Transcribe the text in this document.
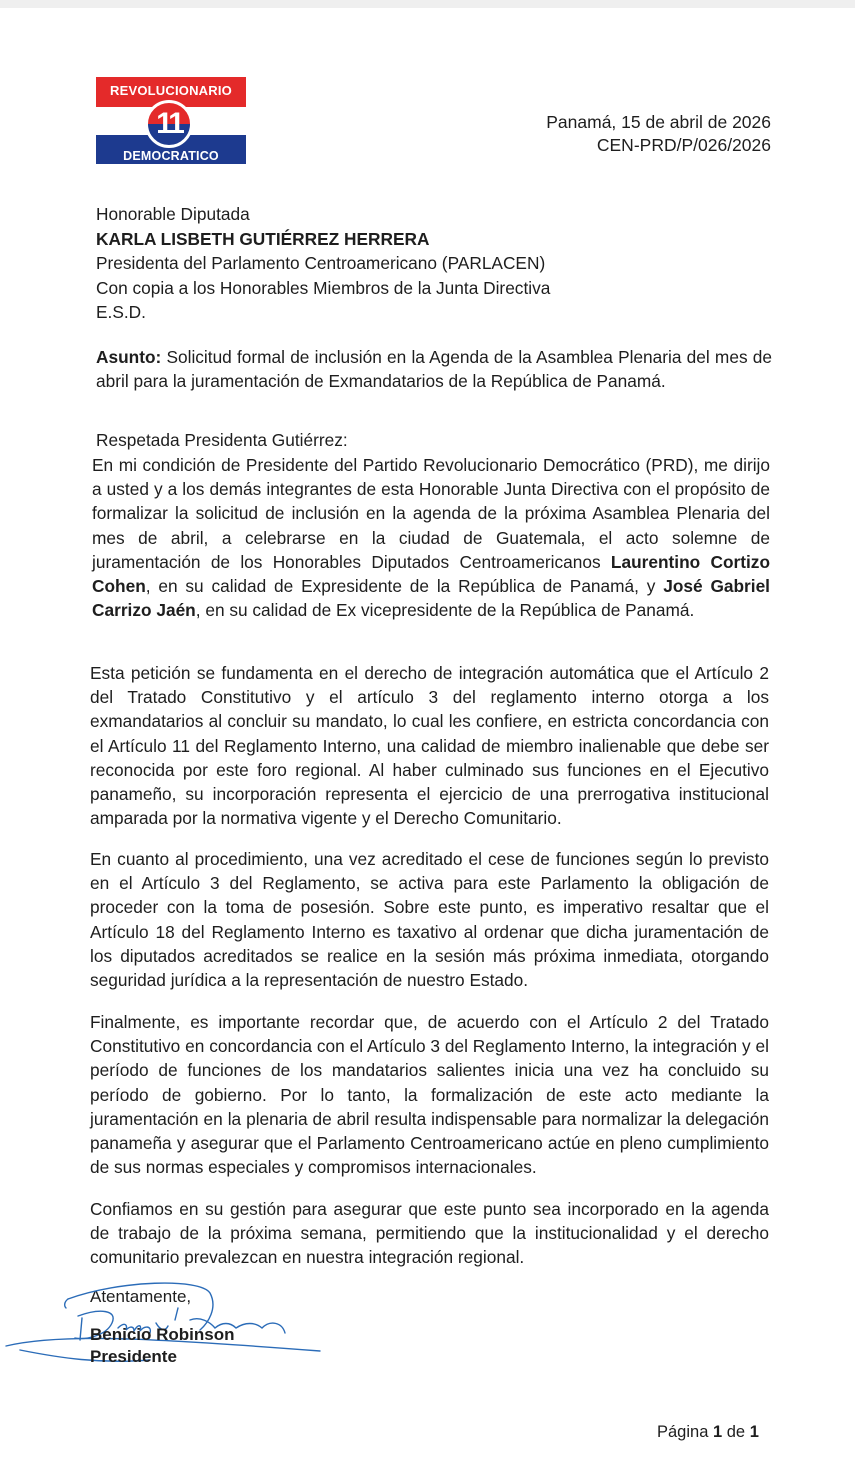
REVOLUCIONARIO
11
DEMOCRATICO
Panamá, 15 de abril de 2026
CEN-PRD/P/026/2026
Honorable Diputada
KARLA LISBETH GUTIÉRREZ HERRERA
Presidenta del Parlamento Centroamericano (PARLACEN)
Con copia a los Honorables Miembros de la Junta Directiva
E.S.D.

Asunto: Solicitud formal de inclusión en la Agenda de la Asamblea Plenaria del mes de abril para la juramentación de Exmandatarios de la República de Panamá.

Respetada Presidenta Gutiérrez:

En mi condición de Presidente del Partido Revolucionario Democrático (PRD), me dirijo a usted y a los demás integrantes de esta Honorable Junta Directiva con el propósito de formalizar la solicitud de inclusión en la agenda de la próxima Asamblea Plenaria del mes de abril, a celebrarse en la ciudad de Guatemala, el acto solemne de juramentación de los Honorables Diputados Centroamericanos Laurentino Cortizo Cohen, en su calidad de Expresidente de la República de Panamá, y José Gabriel Carrizo Jaén, en su calidad de Ex vicepresidente de la República de Panamá.

Esta petición se fundamenta en el derecho de integración automática que el Artículo 2 del Tratado Constitutivo y el artículo 3 del reglamento interno otorga a los exmandatarios al concluir su mandato, lo cual les confiere, en estricta concordancia con el Artículo 11 del Reglamento Interno, una calidad de miembro inalienable que debe ser reconocida por este foro regional. Al haber culminado sus funciones en el Ejecutivo panameño, su incorporación representa el ejercicio de una prerrogativa institucional amparada por la normativa vigente y el Derecho Comunitario.

En cuanto al procedimiento, una vez acreditado el cese de funciones según lo previsto en el Artículo 3 del Reglamento, se activa para este Parlamento la obligación de proceder con la toma de posesión. Sobre este punto, es imperativo resaltar que el Artículo 18 del Reglamento Interno es taxativo al ordenar que dicha juramentación de los diputados acreditados se realice en la sesión más próxima inmediata, otorgando seguridad jurídica a la representación de nuestro Estado.

Finalmente, es importante recordar que, de acuerdo con el Artículo 2 del Tratado Constitutivo en concordancia con el Artículo 3 del Reglamento Interno, la integración y el período de funciones de los mandatarios salientes inicia una vez ha concluido su período de gobierno. Por lo tanto, la formalización de este acto mediante la juramentación en la plenaria de abril resulta indispensable para normalizar la delegación panameña y asegurar que el Parlamento Centroamericano actúe en pleno cumplimiento de sus normas especiales y compromisos internacionales.

Confiamos en su gestión para asegurar que este punto sea incorporado en la agenda de trabajo de la próxima semana, permitiendo que la institucionalidad y el derecho comunitario prevalezcan en nuestra integración regional.

Atentamente,
Benicio Robinson
Presidente
Página 1 de 1
